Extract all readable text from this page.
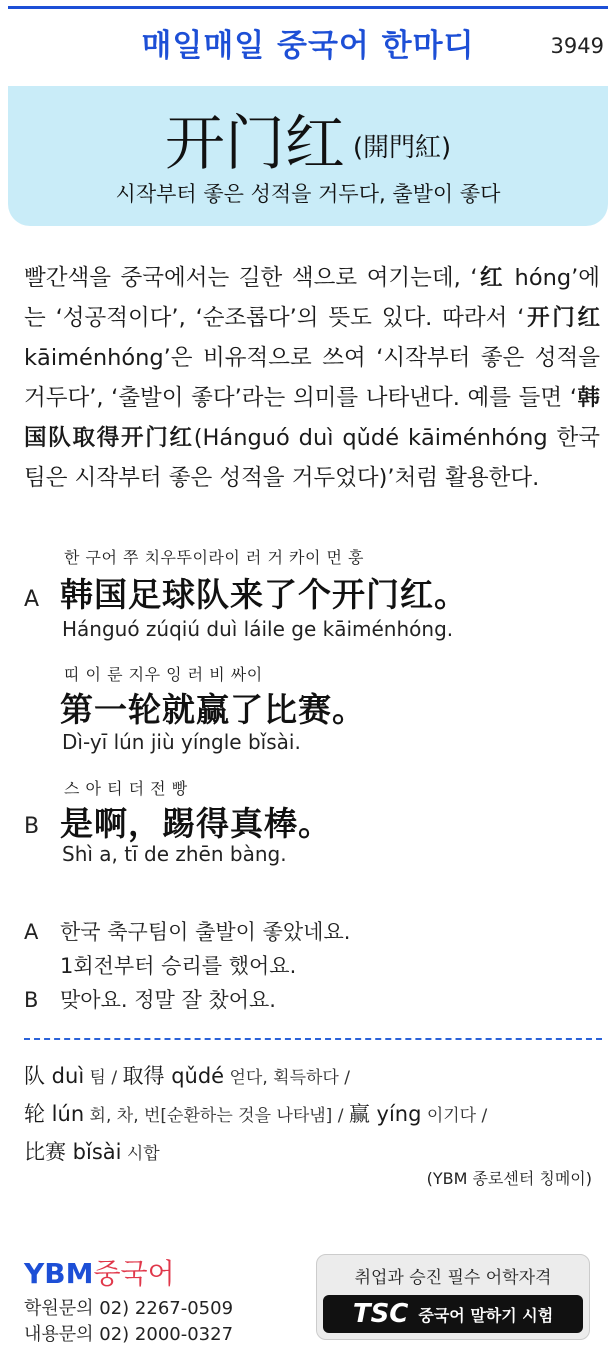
매일매일 중국어 한마디	3949
开门红 (開門紅)
시작부터 좋은 성적을 거두다, 출발이 좋다
빨간색을 중국에서는 길한 색으로 여기는데, ‘红 hóng’에는 ‘성공적이다’, ‘순조롭다’의 뜻도 있다. 따라서 ‘开门红 kāiménhóng’은 비유적으로 쓰여 ‘시작부터 좋은 성적을 거두다’, ‘출발이 좋다’라는 의미를 나타낸다. 예를 들면 ‘韩国队取得开门红(Hánguó duì qǔdé kāiménhóng 한국팀은 시작부터 좋은 성적을 거두었다)’처럼 활용한다.
한 구어 쭈 치우뚜이라이 러 거 카이 먼 훙
A 韩国足球队来了个开门红。
Hánguó zúqiú duì láile ge kāiménhóng.
띠 이 룬 지우 잉 러 비 싸이
第一轮就赢了比赛。
Dì-yī lún jiù yíngle bǐsài.
스 아 티 더 전 빵
B 是啊，踢得真棒。
Shì a, tī de zhēn bàng.
A 한국 축구팀이 출발이 좋았네요.
1회전부터 승리를 했어요.
B 맞아요. 정말 잘 찼어요.
队 duì 팀 / 取得 qǔdé 얻다, 획득하다 /
轮 lún 회, 차, 번[순환하는 것을 나타냄] / 赢 yíng 이기다 /
比赛 bǐsài 시합
(YBM 종로센터 칭메이)
YBM중국어
학원문의 02) 2267-0509
내용문의 02) 2000-0327
취업과 승진 필수 어학자격
TSC 중국어 말하기 시험
